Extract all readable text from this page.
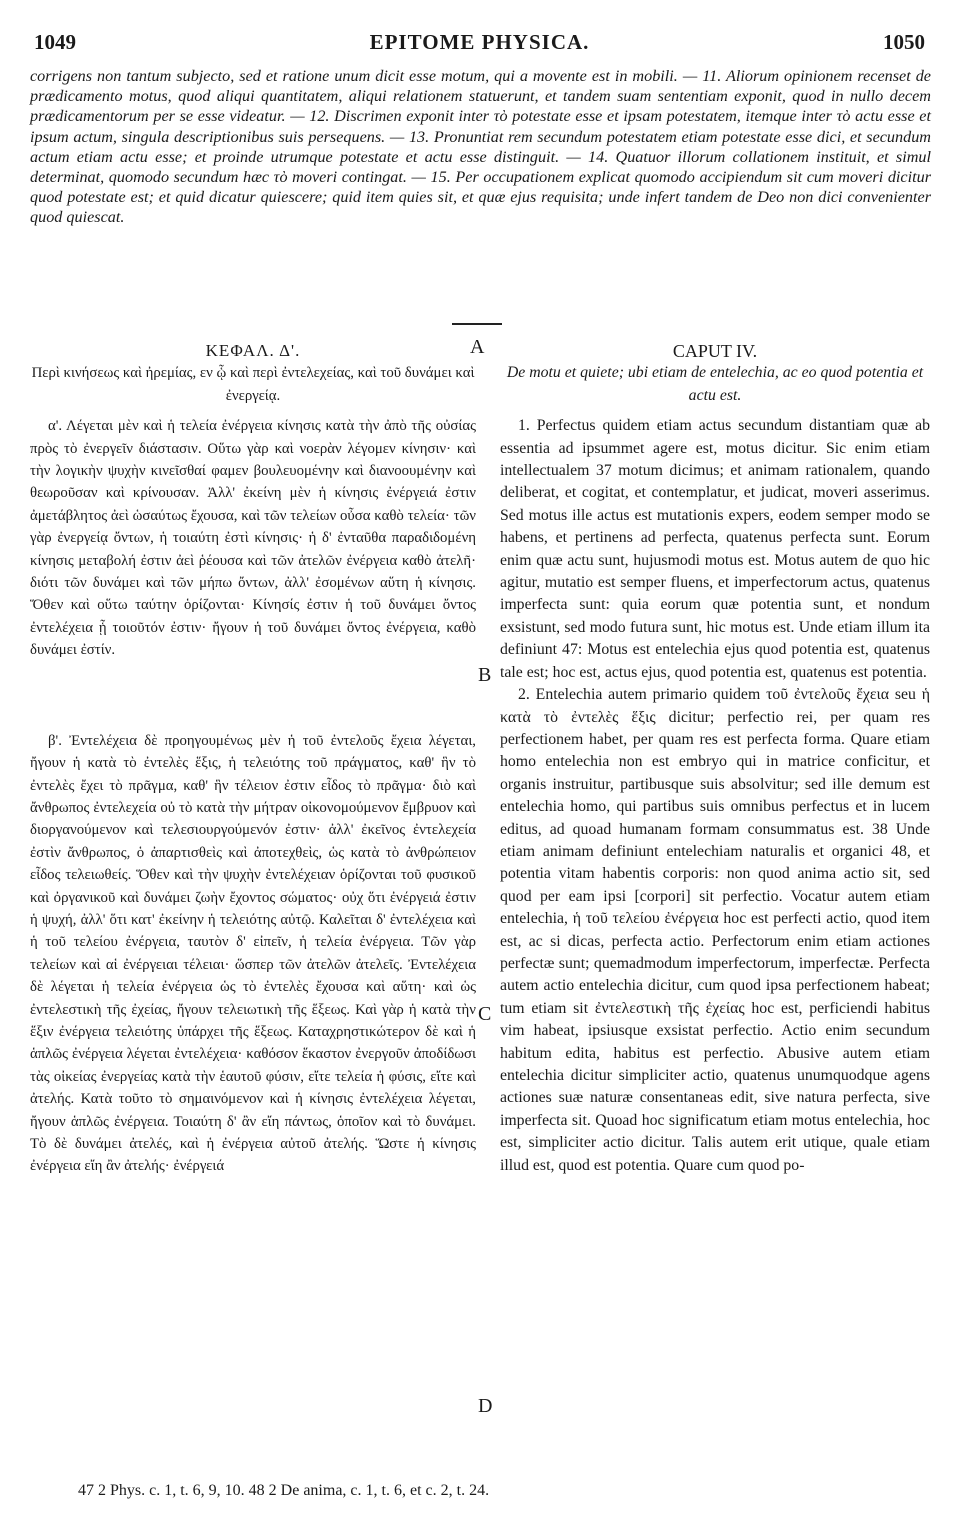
1049	EPITOME PHYSICA.	1050

corrigens non tantum subjecto, sed et ratione unum dicit esse motum, qui a movente est in mobili. — 11. Aliorum opinionem recenset de prædicamento motus, quod aliqui quantitatem, aliqui relationem statuerunt, et tandem suam sententiam exponit, quod in nullo decem prædicamentorum per se esse videatur. — 12. Discrimen exponit inter τὸ potestate esse et ipsam potestatem, itemque inter τὸ actu esse et ipsum actum, singula descriptionibus suis persequens. — 13. Pronuntiat rem secundum potestatem etiam potestate esse dici, et secundum actum etiam actu esse; et proinde utrumque potestate et actu esse distinguit. — 14. Quatuor illorum collationem instituit, et simul determinat, quomodo secundum hæc τὸ moveri contingat. — 15. Per occupationem explicat quomodo accipiendum sit cum moveri dicitur quod potestate est; et quid dicatur quiescere; quid item quies sit, et quæ ejus requisita; unde infert tandem de Deo non dici convenienter quod quiescat.

ΚΕΦΑΛ. Δ'.

Περὶ κινήσεως καὶ ἠρεμίας, εν ᾧ καὶ περὶ ἐντελεχείας, καὶ τοῦ δυνάμει καὶ ἐνεργείᾳ.

α'. Λέγεται μὲν καὶ ἡ τελεία ἐνέργεια κίνησις κατὰ τὴν ἀπὸ τῆς οὐσίας πρὸς τὸ ἐνεργεῖν διάστασιν. Οὕτω γὰρ καὶ νοερὰν λέγομεν κίνησιν· καὶ τὴν λογικὴν ψυχὴν κινεῖσθαί φαμεν βουλευομένην καὶ διανοουμένην καὶ θεωροῦσαν καὶ κρίνουσαν. Ἀλλ' ἐκείνη μὲν ἡ κίνησις ἐνέργειά ἐστιν ἀμετάβλητος ἀεὶ ὡσαύτως ἔχουσα, καὶ τῶν τελείων οὖσα καθὸ τελεία· τῶν γὰρ ἐνεργείᾳ ὄντων, ἡ τοιαύτη ἐστὶ κίνησις· ἡ δ' ἐνταῦθα παραδιδομένη κίνησις μεταβολή ἐστιν ἀεὶ ῥέουσα καὶ τῶν ἀτελῶν ἐνέργεια καθὸ ἀτελῆ· διότι τῶν δυνάμει καὶ τῶν μήπω ὄντων, ἀλλ' ἐσομένων αὕτη ἡ κίνησις. Ὅθεν καὶ οὕτω ταύτην ὁρίζονται· Κίνησίς ἐστιν ἡ τοῦ δυνάμει ὄντος ἐντελέχεια ᾗ τοιοῦτόν ἐστιν· ἤγουν ἡ τοῦ δυνάμει ὄντος ἐνέργεια, καθὸ δυνάμει ἐστίν.

β'. Ἐντελέχεια δὲ προηγουμένως μὲν ἡ τοῦ ἐντελοῦς ἔχεια λέγεται, ἤγουν ἡ κατὰ τὸ ἐντελὲς ἕξις, ἡ τελειότης τοῦ πράγματος, καθ' ἣν τὸ ἐντελὲς ἔχει τὸ πρᾶγμα, καθ' ἣν τέλειον ἐστιν εἶδος τὸ πρᾶγμα· διὸ καὶ ἄνθρωπος ἐντελεχεία οὐ τὸ κατὰ τὴν μήτραν οἰκονομούμενον ἔμβρυον καὶ διοργανούμενον καὶ τελεσιουργούμενόν ἐστιν· ἀλλ' ἐκεῖνος ἐντελεχεία ἐστὶν ἄνθρωπος, ὁ ἀπαρτισθεὶς καὶ ἀποτεχθεὶς, ὡς κατὰ τὸ ἀνθρώπειον εἶδος τελειωθείς. Ὅθεν καὶ τὴν ψυχὴν ἐντελέχειαν ὁρίζονται τοῦ φυσικοῦ καὶ ὀργανικοῦ καὶ δυνάμει ζωὴν ἔχοντος σώματος· οὐχ ὅτι ἐνέργειά ἐστιν ἡ ψυχή, ἀλλ' ὅτι κατ' ἐκείνην ἡ τελειότης αὐτῷ. Καλεῖται δ' ἐντελέχεια καὶ ἡ τοῦ τελείου ἐνέργεια, ταυτὸν δ' εἰπεῖν, ἡ τελεία ἐνέργεια. Τῶν γὰρ τελείων καὶ αἱ ἐνέργειαι τέλειαι· ὥσπερ τῶν ἀτελῶν ἀτελεῖς. Ἐντελέχεια δὲ λέγεται ἡ τελεία ἐνέργεια ὡς τὸ ἐντελὲς ἔχουσα καὶ αὕτη· καὶ ὡς ἐντελεστικὴ τῆς ἐχείας, ἤγουν τελειωτικὴ τῆς ἕξεως. Καὶ γὰρ ἡ κατὰ τὴν ἕξιν ἐνέργεια τελειότης ὑπάρχει τῆς ἕξεως. Καταχρηστικώτερον δὲ καὶ ἡ ἁπλῶς ἐνέργεια λέγεται ἐντελέχεια· καθόσον ἕκαστον ἐνεργοῦν ἀποδίδωσι τὰς οἰκείας ἐνεργείας κατὰ τὴν ἑαυτοῦ φύσιν, εἴτε τελεία ἡ φύσις, εἴτε καὶ ἀτελής. Κατὰ τοῦτο τὸ σημαινόμενον καὶ ἡ κίνησις ἐντελέχεια λέγεται, ἤγουν ἁπλῶς ἐνέργεια. Τοιαύτη δ' ἂν εἴη πάντως, ὁποῖον καὶ τὸ δυνάμει. Τὸ δὲ δυνάμει ἀτελές, καὶ ἡ ἐνέργεια αὐτοῦ ἀτελής. Ὥστε ἡ κίνησις ἐνέργεια εἴη ἂν ἀτελής· ἐνέργειά

CAPUT IV.

De motu et quiete; ubi etiam de entelechia, ac eo quod potentia et actu est.

1. Perfectus quidem etiam actus secundum distantiam quæ ab essentia ad ipsummet agere est, motus dicitur. Sic enim etiam intellectualem 37 motum dicimus; et animam rationalem, quando deliberat, et cogitat, et contemplatur, et judicat, moveri asserimus. Sed motus ille actus est mutationis expers, eodem semper modo se habens, et pertinens ad perfecta, quatenus perfecta sunt. Eorum enim quæ actu sunt, hujusmodi motus est. Motus autem de quo hic agitur, mutatio est semper fluens, et imperfectorum actus, quatenus imperfecta sunt: quia eorum quæ potentia sunt, et nondum exsistunt, sed modo futura sunt, hic motus est. Unde etiam illum ita definiunt 47: Motus est entelechia ejus quod potentia est, quatenus tale est; hoc est, actus ejus, quod potentia est, quatenus est potentia.

2. Entelechia autem primario quidem τοῦ ἐντελοῦς ἔχεια seu ἡ κατὰ τὸ ἐντελὲς ἕξις dicitur; perfectio rei, per quam res perfectionem habet, per quam res est perfecta forma. Quare etiam homo entelechia non est embryo qui in matrice conficitur, et organis instruitur, partibusque suis absolvitur; sed ille demum est entelechia homo, qui partibus suis omnibus perfectus et in lucem editus, ad quoad humanam formam consummatus est. 38 Unde etiam animam definiunt entelechiam naturalis et organici 48, et potentia vitam habentis corporis: non quod anima actio sit, sed quod per eam ipsi [corpori] sit perfectio. Vocatur autem etiam entelechia, ἡ τοῦ τελείου ἐνέργεια hoc est perfecti actio, quod item est, ac si dicas, perfecta actio. Perfectorum enim etiam actiones perfectæ sunt; quemadmodum imperfectorum, imperfectæ. Perfecta autem actio entelechia dicitur, cum quod ipsa perfectionem habeat; tum etiam sit ἐντελεστικὴ τῆς ἐχείας hoc est, perficiendi habitus vim habeat, ipsiusque exsistat perfectio. Actio enim secundum habitum edita, habitus est perfectio. Abusive autem etiam entelechia dicitur simpliciter actio, quatenus unumquodque agens actiones suæ naturæ consentaneas edit, sive natura perfecta, sive imperfecta sit. Quoad hoc significatum etiam motus entelechia, hoc est, simpliciter actio dicitur. Talis autem erit utique, quale etiam illud est, quod est potentia. Quare cum quod po-

A
B
C
D

47 2 Phys. c. 1, t. 6, 9, 10. 48 2 De anima, c. 1, t. 6, et c. 2, t. 24.
